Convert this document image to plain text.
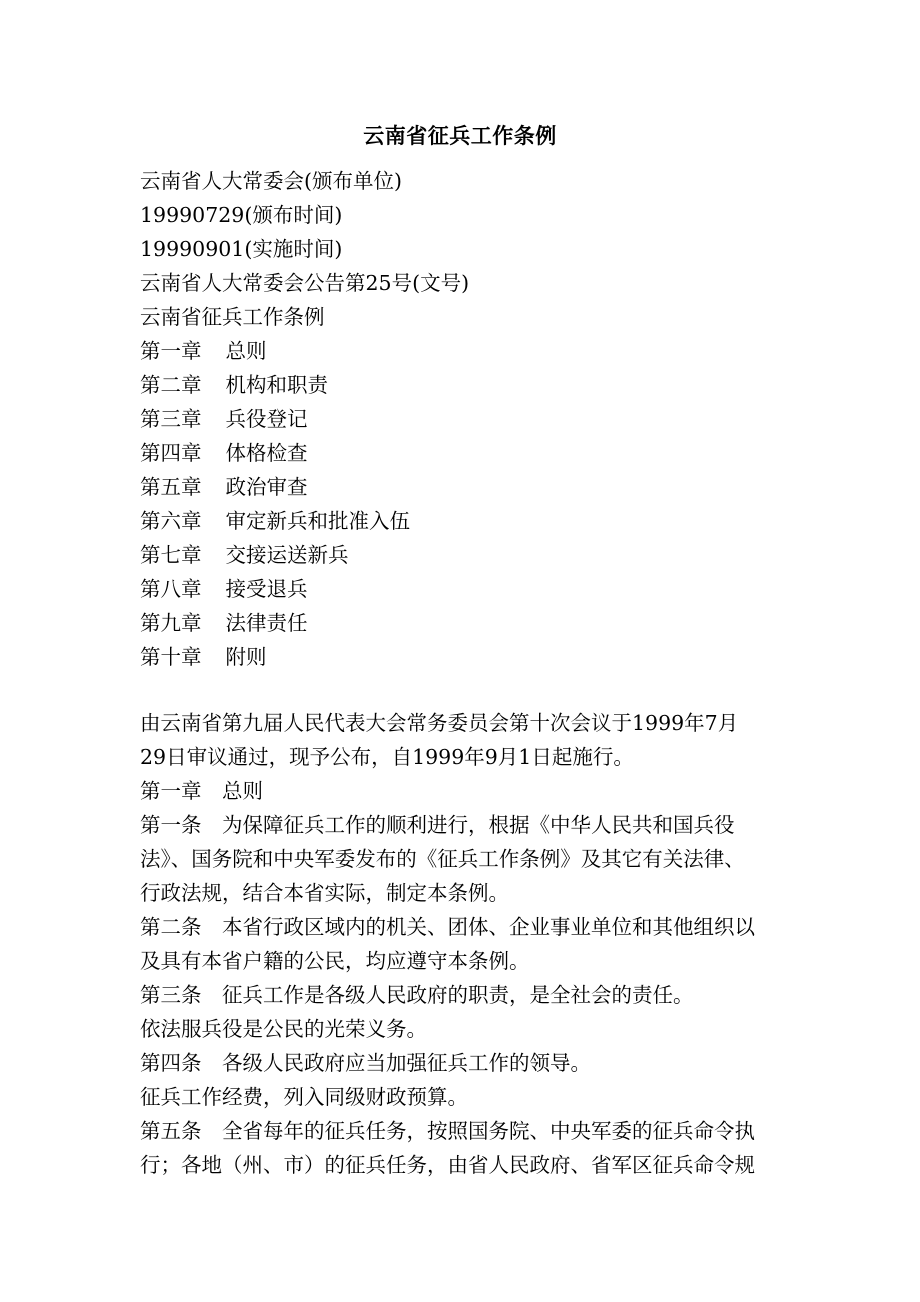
云南省征兵工作条例
云南省人大常委会(颁布单位)
19990729(颁布时间)
19990901(实施时间)
云南省人大常委会公告第25号(文号)
云南省征兵工作条例
第一章 总则
第二章 机构和职责
第三章 兵役登记
第四章 体格检查
第五章 政治审查
第六章 审定新兵和批准入伍
第七章 交接运送新兵
第八章 接受退兵
第九章 法律责任
第十章 附则
由云南省第九届人民代表大会常务委员会第十次会议于1999年7月
29日审议通过，现予公布，自1999年9月1日起施行。
第一章　总则
第一条　为保障征兵工作的顺利进行，根据《中华人民共和国兵役
法》、国务院和中央军委发布的《征兵工作条例》及其它有关法律、
行政法规，结合本省实际，制定本条例。
第二条　本省行政区域内的机关、团体、企业事业单位和其他组织以
及具有本省户籍的公民，均应遵守本条例。
第三条　征兵工作是各级人民政府的职责，是全社会的责任。
依法服兵役是公民的光荣义务。
第四条　各级人民政府应当加强征兵工作的领导。
征兵工作经费，列入同级财政预算。
第五条　全省每年的征兵任务，按照国务院、中央军委的征兵命令执
行；各地（州、市）的征兵任务，由省人民政府、省军区征兵命令规
